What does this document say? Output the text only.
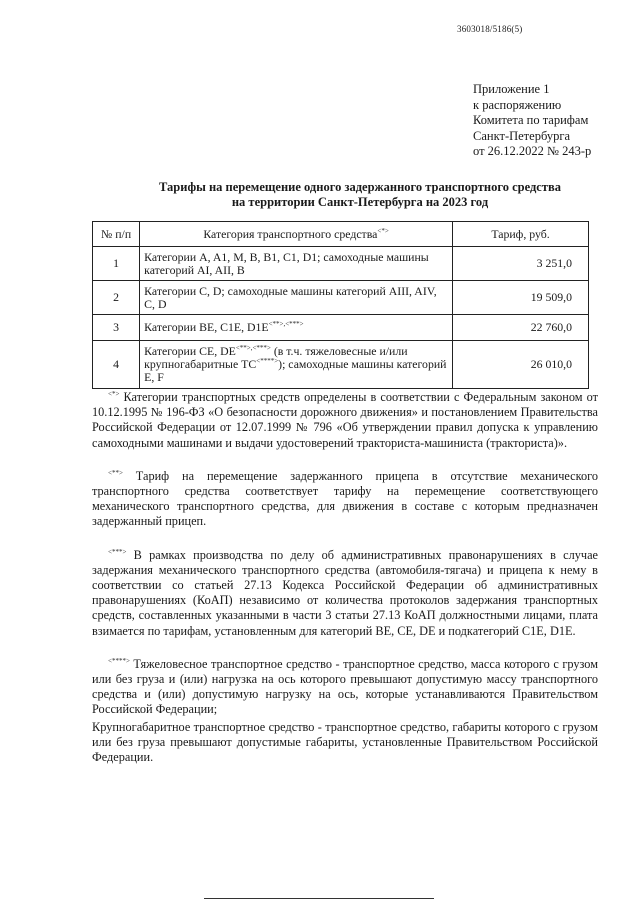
3603018/5186(5)
Приложение 1
к распоряжению
Комитета по тарифам
Санкт-Петербурга
от 26.12.2022 № 243-р
Тарифы на перемещение одного задержанного транспортного средства
на территории Санкт-Петербурга на 2023 год
№ п/п	Категория транспортного средства<*>	Тариф, руб.
1	Категории A, A1, M, B, B1, C1, D1; самоходные машины категорий AI, AII, B	3 251,0
2	Категории C, D; самоходные машины категорий AIII, AIV, C, D	19 509,0
3	Категории BE, C1E, D1E<**>,<***>	22 760,0
4	Категории CE, DE<**>,<***> (в т.ч. тяжеловесные и/или крупногабаритные ТС<****>); самоходные машины категорий E, F	26 010,0

<*> Категории транспортных средств определены в соответствии с Федеральным законом от 10.12.1995 № 196-ФЗ «О безопасности дорожного движения» и постановлением Правительства Российской Федерации от 12.07.1999 № 796 «Об утверждении правил допуска к управлению самоходными машинами и выдачи удостоверений тракториста-машиниста (тракториста)».

<**> Тариф на перемещение задержанного прицепа в отсутствие механического транспортного средства соответствует тарифу на перемещение соответствующего механического транспортного средства, для движения в составе с которым предназначен задержанный прицеп.

<***> В рамках производства по делу об административных правонарушениях в случае задержания механического транспортного средства (автомобиля-тягача) и прицепа к нему в соответствии со статьей 27.13 Кодекса Российской Федерации об административных правонарушениях (КоАП) независимо от количества протоколов задержания транспортных средств, составленных указанными в части 3 статьи 27.13 КоАП должностными лицами, плата взимается по тарифам, установленным для категорий BE, CE, DE и подкатегорий C1E, D1E.

<****> Тяжеловесное транспортное средство - транспортное средство, масса которого с грузом или без груза и (или) нагрузка на ось которого превышают допустимую массу транспортного средства и (или) допустимую нагрузку на ось, которые устанавливаются Правительством Российской Федерации;

Крупногабаритное транспортное средство - транспортное средство, габариты которого с грузом или без груза превышают допустимые габариты, установленные Правительством Российской Федерации.
